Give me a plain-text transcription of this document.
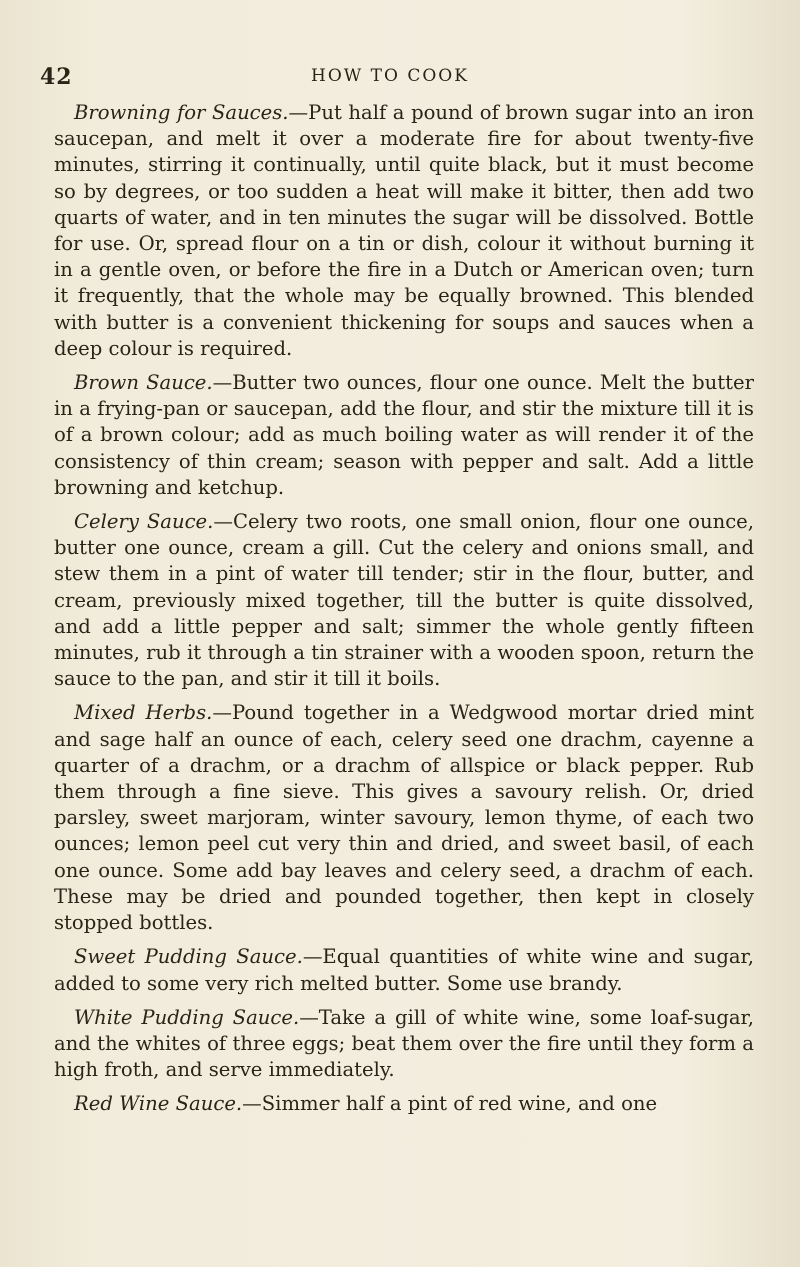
42	HOW TO COOK

Browning for Sauces.—Put half a pound of brown sugar into an iron saucepan, and melt it over a moderate fire for about twenty-five minutes, stirring it continually, until quite black, but it must become so by degrees, or too sudden a heat will make it bitter, then add two quarts of water, and in ten minutes the sugar will be dissolved. Bottle for use. Or, spread flour on a tin or dish, colour it without burning it in a gentle oven, or before the fire in a Dutch or American oven; turn it frequently, that the whole may be equally browned. This blended with butter is a convenient thickening for soups and sauces when a deep colour is required.

Brown Sauce.—Butter two ounces, flour one ounce. Melt the butter in a frying-pan or saucepan, add the flour, and stir the mixture till it is of a brown colour; add as much boiling water as will render it of the consistency of thin cream; season with pepper and salt. Add a little browning and ketchup.

Celery Sauce.—Celery two roots, one small onion, flour one ounce, butter one ounce, cream a gill. Cut the celery and onions small, and stew them in a pint of water till tender; stir in the flour, butter, and cream, previously mixed together, till the butter is quite dissolved, and add a little pepper and salt; simmer the whole gently fifteen minutes, rub it through a tin strainer with a wooden spoon, return the sauce to the pan, and stir it till it boils.

Mixed Herbs.—Pound together in a Wedgwood mortar dried mint and sage half an ounce of each, celery seed one drachm, cayenne a quarter of a drachm, or a drachm of allspice or black pepper. Rub them through a fine sieve. This gives a savoury relish. Or, dried parsley, sweet marjoram, winter savoury, lemon thyme, of each two ounces; lemon peel cut very thin and dried, and sweet basil, of each one ounce. Some add bay leaves and celery seed, a drachm of each. These may be dried and pounded together, then kept in closely stopped bottles.

Sweet Pudding Sauce.—Equal quantities of white wine and sugar, added to some very rich melted butter. Some use brandy.

White Pudding Sauce.—Take a gill of white wine, some loaf-sugar, and the whites of three eggs; beat them over the fire until they form a high froth, and serve immediately.

Red Wine Sauce.—Simmer half a pint of red wine, and one
